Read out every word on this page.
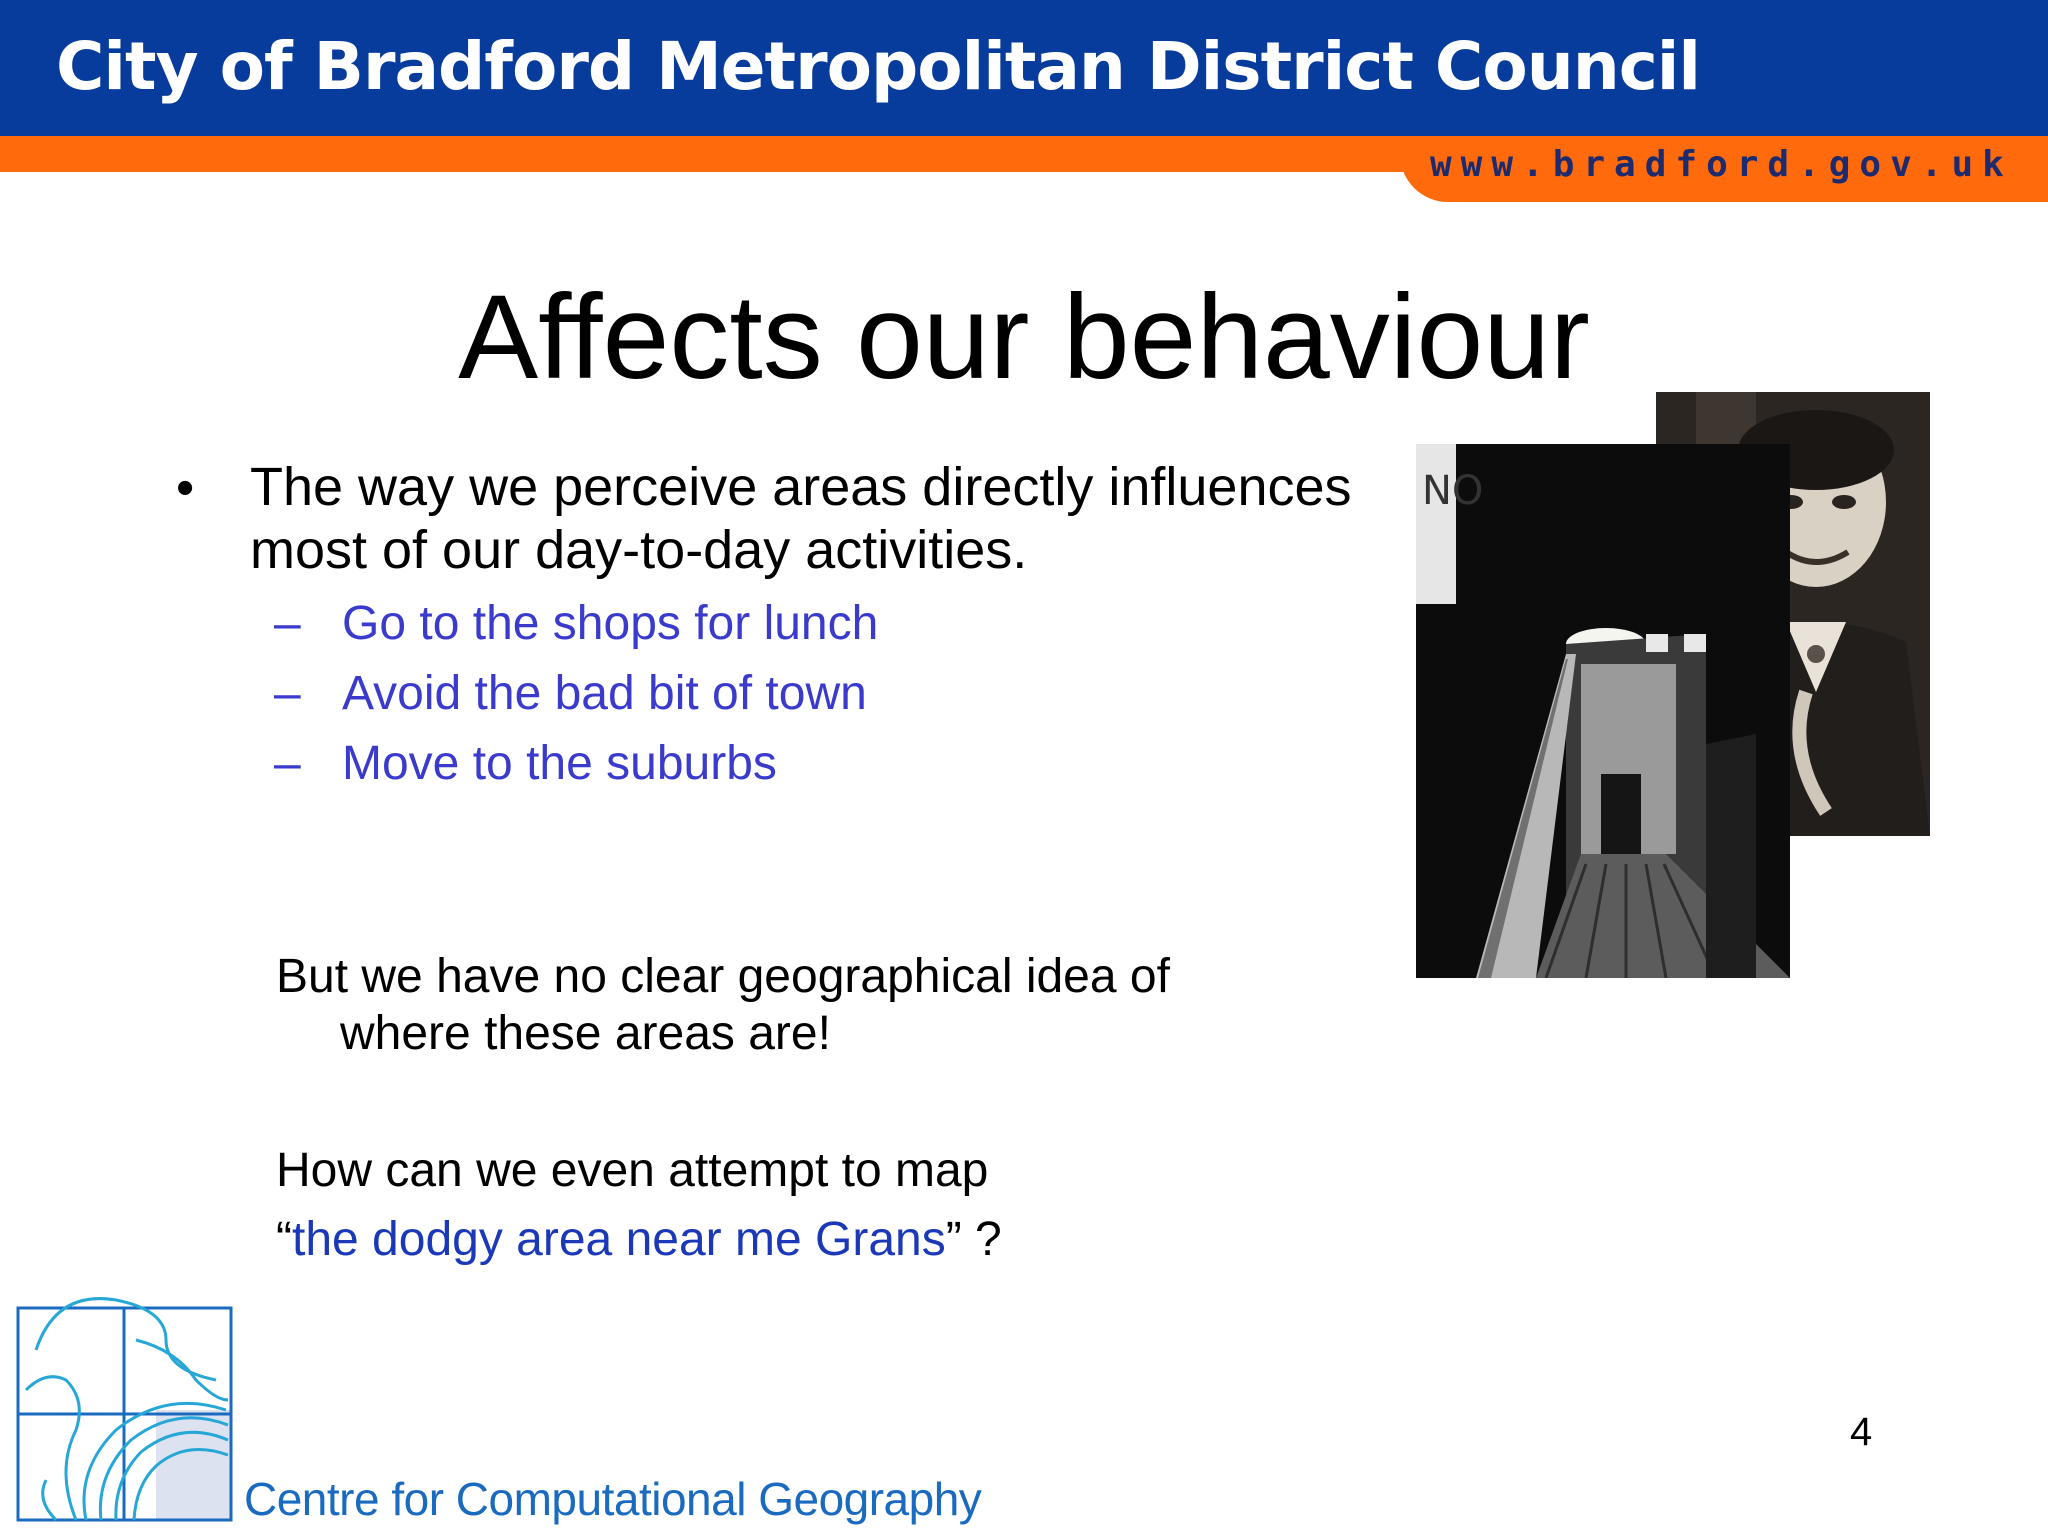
City of Bradford Metropolitan District Council
www.bradford.gov.uk
Affects our behaviour
• The way we perceive areas directly influences most of our day-to-day activities.
– Go to the shops for lunch
– Avoid the bad bit of town
– Move to the suburbs
But we have no clear geographical idea of
where these areas are!
How can we even attempt to map
“the dodgy area near me Grans” ?
NO
4
Centre for Computational Geography
